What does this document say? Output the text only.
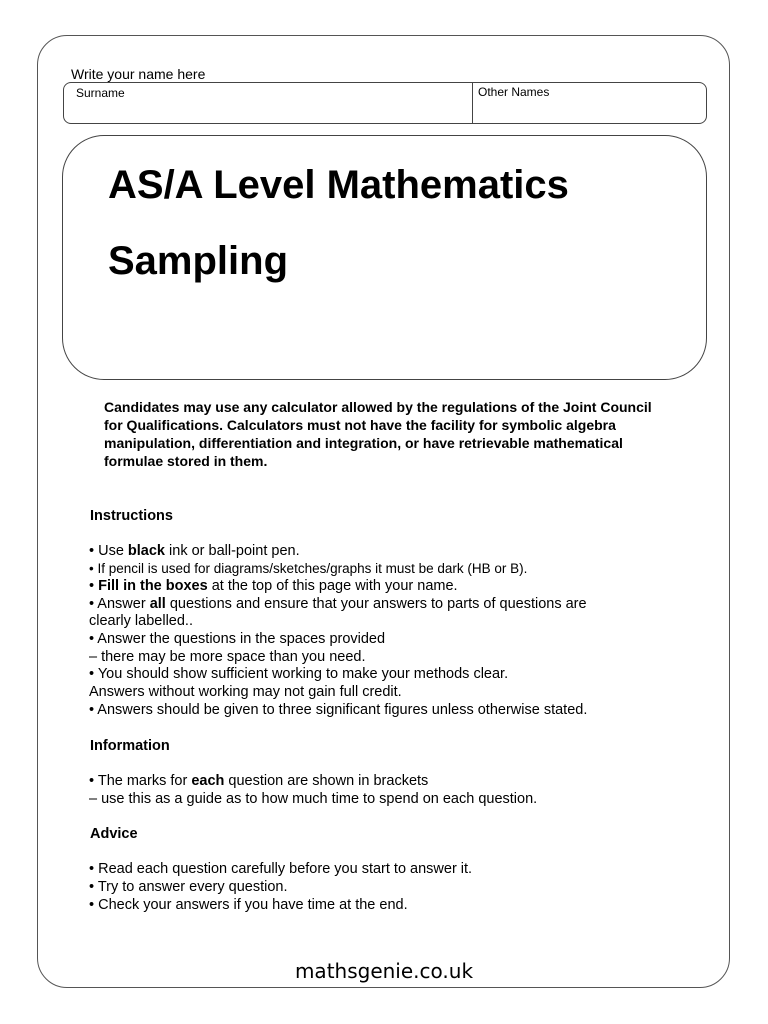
Write your name here
Surname	Other Names
AS/A Level Mathematics
Sampling
Candidates may use any calculator allowed by the regulations of the Joint Council for Qualifications. Calculators must not have the facility for symbolic algebra manipulation, differentiation and integration, or have retrievable mathematical formulae stored in them.
Instructions
• Use black ink or ball-point pen.
• If pencil is used for diagrams/sketches/graphs it must be dark (HB or B).
• Fill in the boxes at the top of this page with your name.
• Answer all questions and ensure that your answers to parts of questions are
clearly labelled..
• Answer the questions in the spaces provided
– there may be more space than you need.
• You should show sufficient working to make your methods clear.
Answers without working may not gain full credit.
• Answers should be given to three significant figures unless otherwise stated.
Information
• The marks for each question are shown in brackets
– use this as a guide as to how much time to spend on each question.
Advice
• Read each question carefully before you start to answer it.
• Try to answer every question.
• Check your answers if you have time at the end.
mathsgenie.co.uk
